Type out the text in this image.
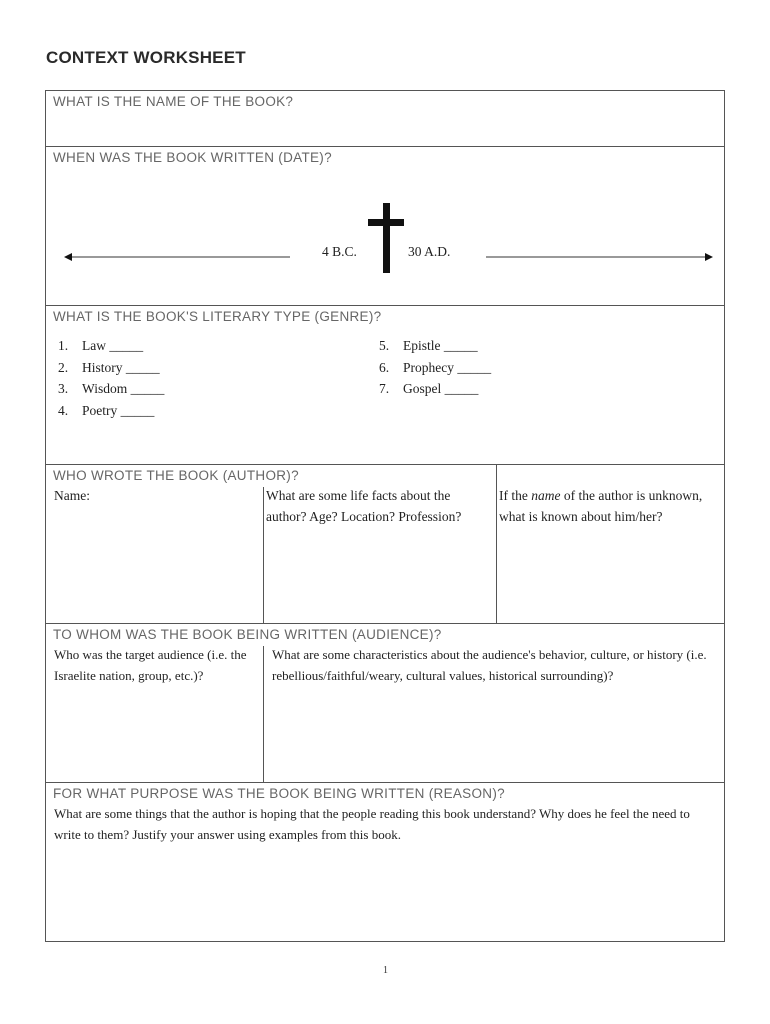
CONTEXT WORKSHEET
WHAT IS THE NAME OF THE BOOK?
WHEN WAS THE BOOK WRITTEN (DATE)?
4 B.C.	30 A.D.
WHAT IS THE BOOK'S LITERARY TYPE (GENRE)?
1. Law _____
2. History _____
3. Wisdom _____
4. Poetry _____
5. Epistle _____
6. Prophecy _____
7. Gospel _____
WHO WROTE THE BOOK (AUTHOR)?
Name:	What are some life facts about the author? Age? Location? Profession?
If the name of the author is unknown, what is known about him/her?
TO WHOM WAS THE BOOK BEING WRITTEN (AUDIENCE)?
Who was the target audience (i.e. the Israelite nation, group, etc.)?
What are some characteristics about the audience's behavior, culture, or history (i.e. rebellious/faithful/weary, cultural values, historical surrounding)?
FOR WHAT PURPOSE WAS THE BOOK BEING WRITTEN (REASON)?
What are some things that the author is hoping that the people reading this book understand? Why does he feel the need to write to them? Justify your answer using examples from this book.
1
